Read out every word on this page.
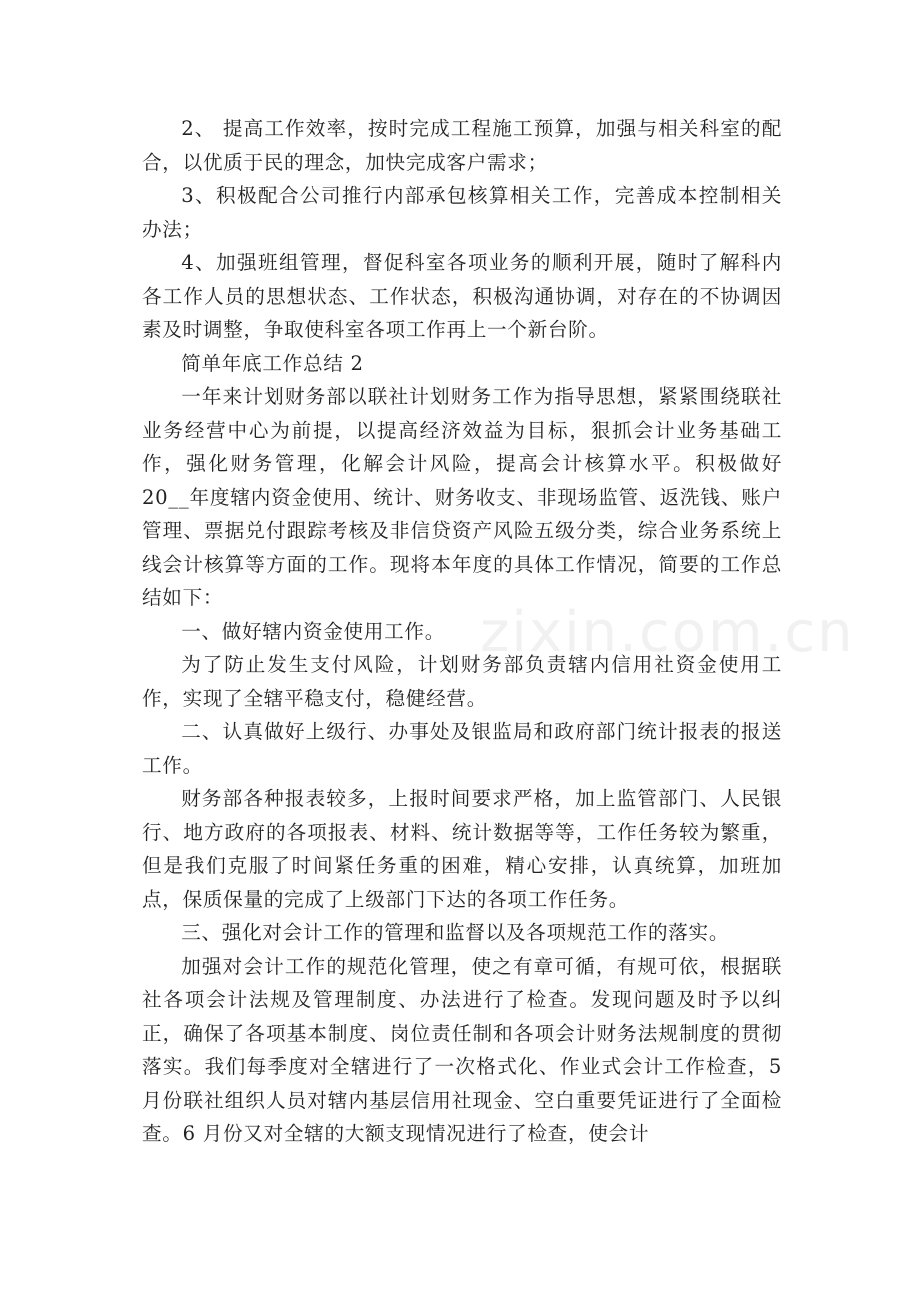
2、 提高工作效率，按时完成工程施工预算，加强与相关科室的配合，以优质于民的理念，加快完成客户需求；

3、积极配合公司推行内部承包核算相关工作，完善成本控制相关办法；

4、加强班组管理，督促科室各项业务的顺利开展，随时了解科内各工作人员的思想状态、工作状态，积极沟通协调，对存在的不协调因素及时调整，争取使科室各项工作再上一个新台阶。

简单年底工作总结 2

一年来计划财务部以联社计划财务工作为指导思想，紧紧围绕联社业务经营中心为前提，以提高经济效益为目标，狠抓会计业务基础工作，强化财务管理，化解会计风险，提高会计核算水平。积极做好 20__年度辖内资金使用、统计、财务收支、非现场监管、返洗钱、账户管理、票据兑付跟踪考核及非信贷资产风险五级分类，综合业务系统上线会计核算等方面的工作。现将本年度的具体工作情况，简要的工作总结如下：

一、做好辖内资金使用工作。

为了防止发生支付风险，计划财务部负责辖内信用社资金使用工作，实现了全辖平稳支付，稳健经营。

二、认真做好上级行、办事处及银监局和政府部门统计报表的报送工作。

财务部各种报表较多，上报时间要求严格，加上监管部门、人民银行、地方政府的各项报表、材料、统计数据等等，工作任务较为繁重，但是我们克服了时间紧任务重的困难，精心安排，认真统算，加班加点，保质保量的完成了上级部门下达的各项工作任务。

三、强化对会计工作的管理和监督以及各项规范工作的落实。

加强对会计工作的规范化管理，使之有章可循，有规可依，根据联社各项会计法规及管理制度、办法进行了检查。发现问题及时予以纠正，确保了各项基本制度、岗位责任制和各项会计财务法规制度的贯彻落实。我们每季度对全辖进行了一次格式化、作业式会计工作检查，5 月份联社组织人员对辖内基层信用社现金、空白重要凭证进行了全面检查。6 月份又对全辖的大额支现情况进行了检查，使会计

zixin.com.cn
